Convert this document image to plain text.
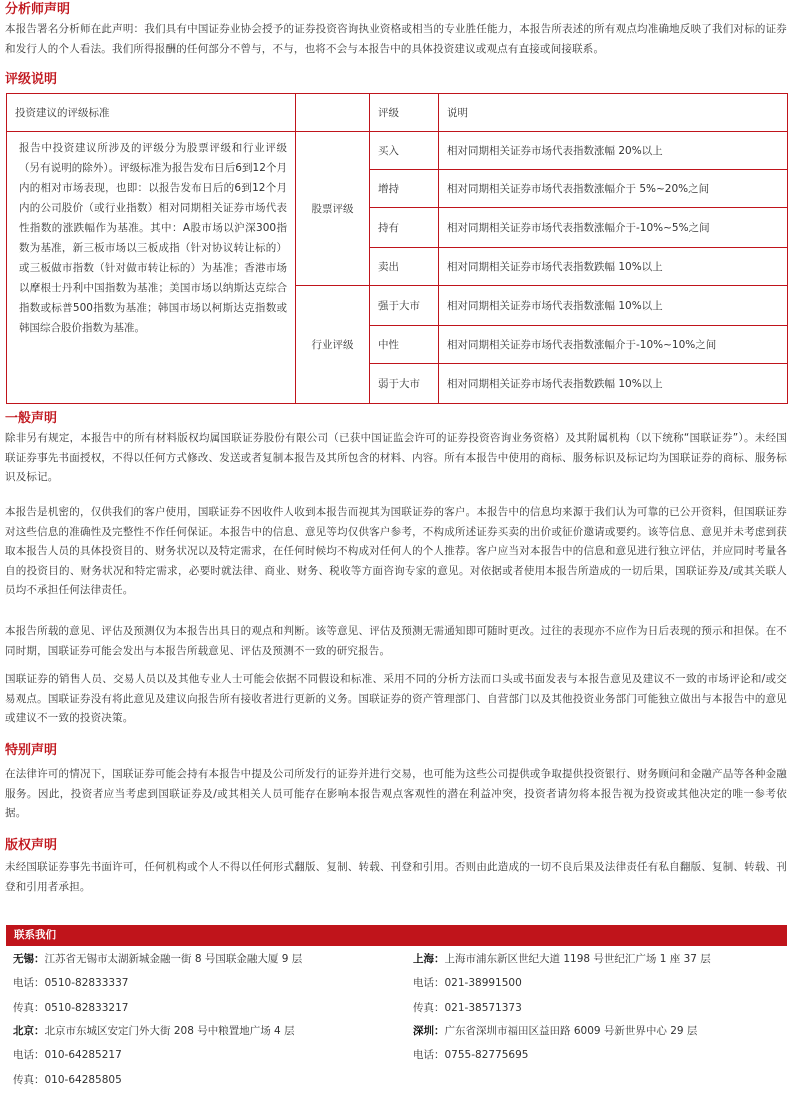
分析师声明
本报告署名分析师在此声明：我们具有中国证券业协会授予的证券投资咨询执业资格或相当的专业胜任能力，本报告所表述的所有观点均准确地反映了我们对标的证券和发行人的个人看法。我们所得报酬的任何部分不曾与，不与，也将不会与本报告中的具体投资建议或观点有直接或间接联系。
评级说明
投资建议的评级标准		评级	说明
报告中投资建议所涉及的评级分为股票评级和行业评级（另有说明的除外）。评级标准为报告发布日后6到12个月内的相对市场表现，也即：以报告发布日后的6到12个月内的公司股价（或行业指数）相对同期相关证券市场代表性指数的涨跌幅作为基准。其中：A股市场以沪深300指数为基准，新三板市场以三板成指（针对协议转让标的）或三板做市指数（针对做市转让标的）为基准；香港市场以摩根士丹利中国指数为基准；美国市场以纳斯达克综合指数或标普500指数为基准；韩国市场以柯斯达克指数或韩国综合股价指数为基准。	股票评级	买入	相对同期相关证券市场代表指数涨幅 20%以上
		增持	相对同期相关证券市场代表指数涨幅介于 5%~20%之间
		持有	相对同期相关证券市场代表指数涨幅介于-10%~5%之间
		卖出	相对同期相关证券市场代表指数跌幅 10%以上
	行业评级	强于大市	相对同期相关证券市场代表指数涨幅 10%以上
		中性	相对同期相关证券市场代表指数涨幅介于-10%~10%之间
		弱于大市	相对同期相关证券市场代表指数跌幅 10%以上
一般声明
除非另有规定，本报告中的所有材料版权均属国联证券股份有限公司（已获中国证监会许可的证券投资咨询业务资格）及其附属机构（以下统称“国联证券”）。未经国联证券事先书面授权，不得以任何方式修改、发送或者复制本报告及其所包含的材料、内容。所有本报告中使用的商标、服务标识及标记均为国联证券的商标、服务标识及标记。
本报告是机密的，仅供我们的客户使用，国联证券不因收件人收到本报告而视其为国联证券的客户。本报告中的信息均来源于我们认为可靠的已公开资料，但国联证券对这些信息的准确性及完整性不作任何保证。本报告中的信息、意见等均仅供客户参考，不构成所述证券买卖的出价或征价邀请或要约。该等信息、意见并未考虑到获取本报告人员的具体投资目的、财务状况以及特定需求，在任何时候均不构成对任何人的个人推荐。客户应当对本报告中的信息和意见进行独立评估，并应同时考量各自的投资目的、财务状况和特定需求，必要时就法律、商业、财务、税收等方面咨询专家的意见。对依据或者使用本报告所造成的一切后果，国联证券及/或其关联人员均不承担任何法律责任。
本报告所载的意见、评估及预测仅为本报告出具日的观点和判断。该等意见、评估及预测无需通知即可随时更改。过往的表现亦不应作为日后表现的预示和担保。在不同时期，国联证券可能会发出与本报告所载意见、评估及预测不一致的研究报告。
国联证券的销售人员、交易人员以及其他专业人士可能会依据不同假设和标准、采用不同的分析方法而口头或书面发表与本报告意见及建议不一致的市场评论和/或交易观点。国联证券没有将此意见及建议向报告所有接收者进行更新的义务。国联证券的资产管理部门、自营部门以及其他投资业务部门可能独立做出与本报告中的意见或建议不一致的投资决策。
特别声明
在法律许可的情况下，国联证券可能会持有本报告中提及公司所发行的证券并进行交易，也可能为这些公司提供或争取提供投资银行、财务顾问和金融产品等各种金融服务。因此，投资者应当考虑到国联证券及/或其相关人员可能存在影响本报告观点客观性的潜在利益冲突，投资者请勿将本报告视为投资或其他决定的唯一参考依据。
版权声明
未经国联证券事先书面许可，任何机构或个人不得以任何形式翻版、复制、转载、刊登和引用。否则由此造成的一切不良后果及法律责任有私自翻版、复制、转载、刊登和引用者承担。
联系我们
无锡：江苏省无锡市太湖新城金融一街 8 号国联金融大厦 9 层
电话：0510-82833337
传真：0510-82833217
上海：上海市浦东新区世纪大道 1198 号世纪汇广场 1 座 37 层
电话：021-38991500
传真：021-38571373
北京：北京市东城区安定门外大街 208 号中粮置地广场 4 层
电话：010-64285217
传真：010-64285805
深圳：广东省深圳市福田区益田路 6009 号新世界中心 29 层
电话：0755-82775695
